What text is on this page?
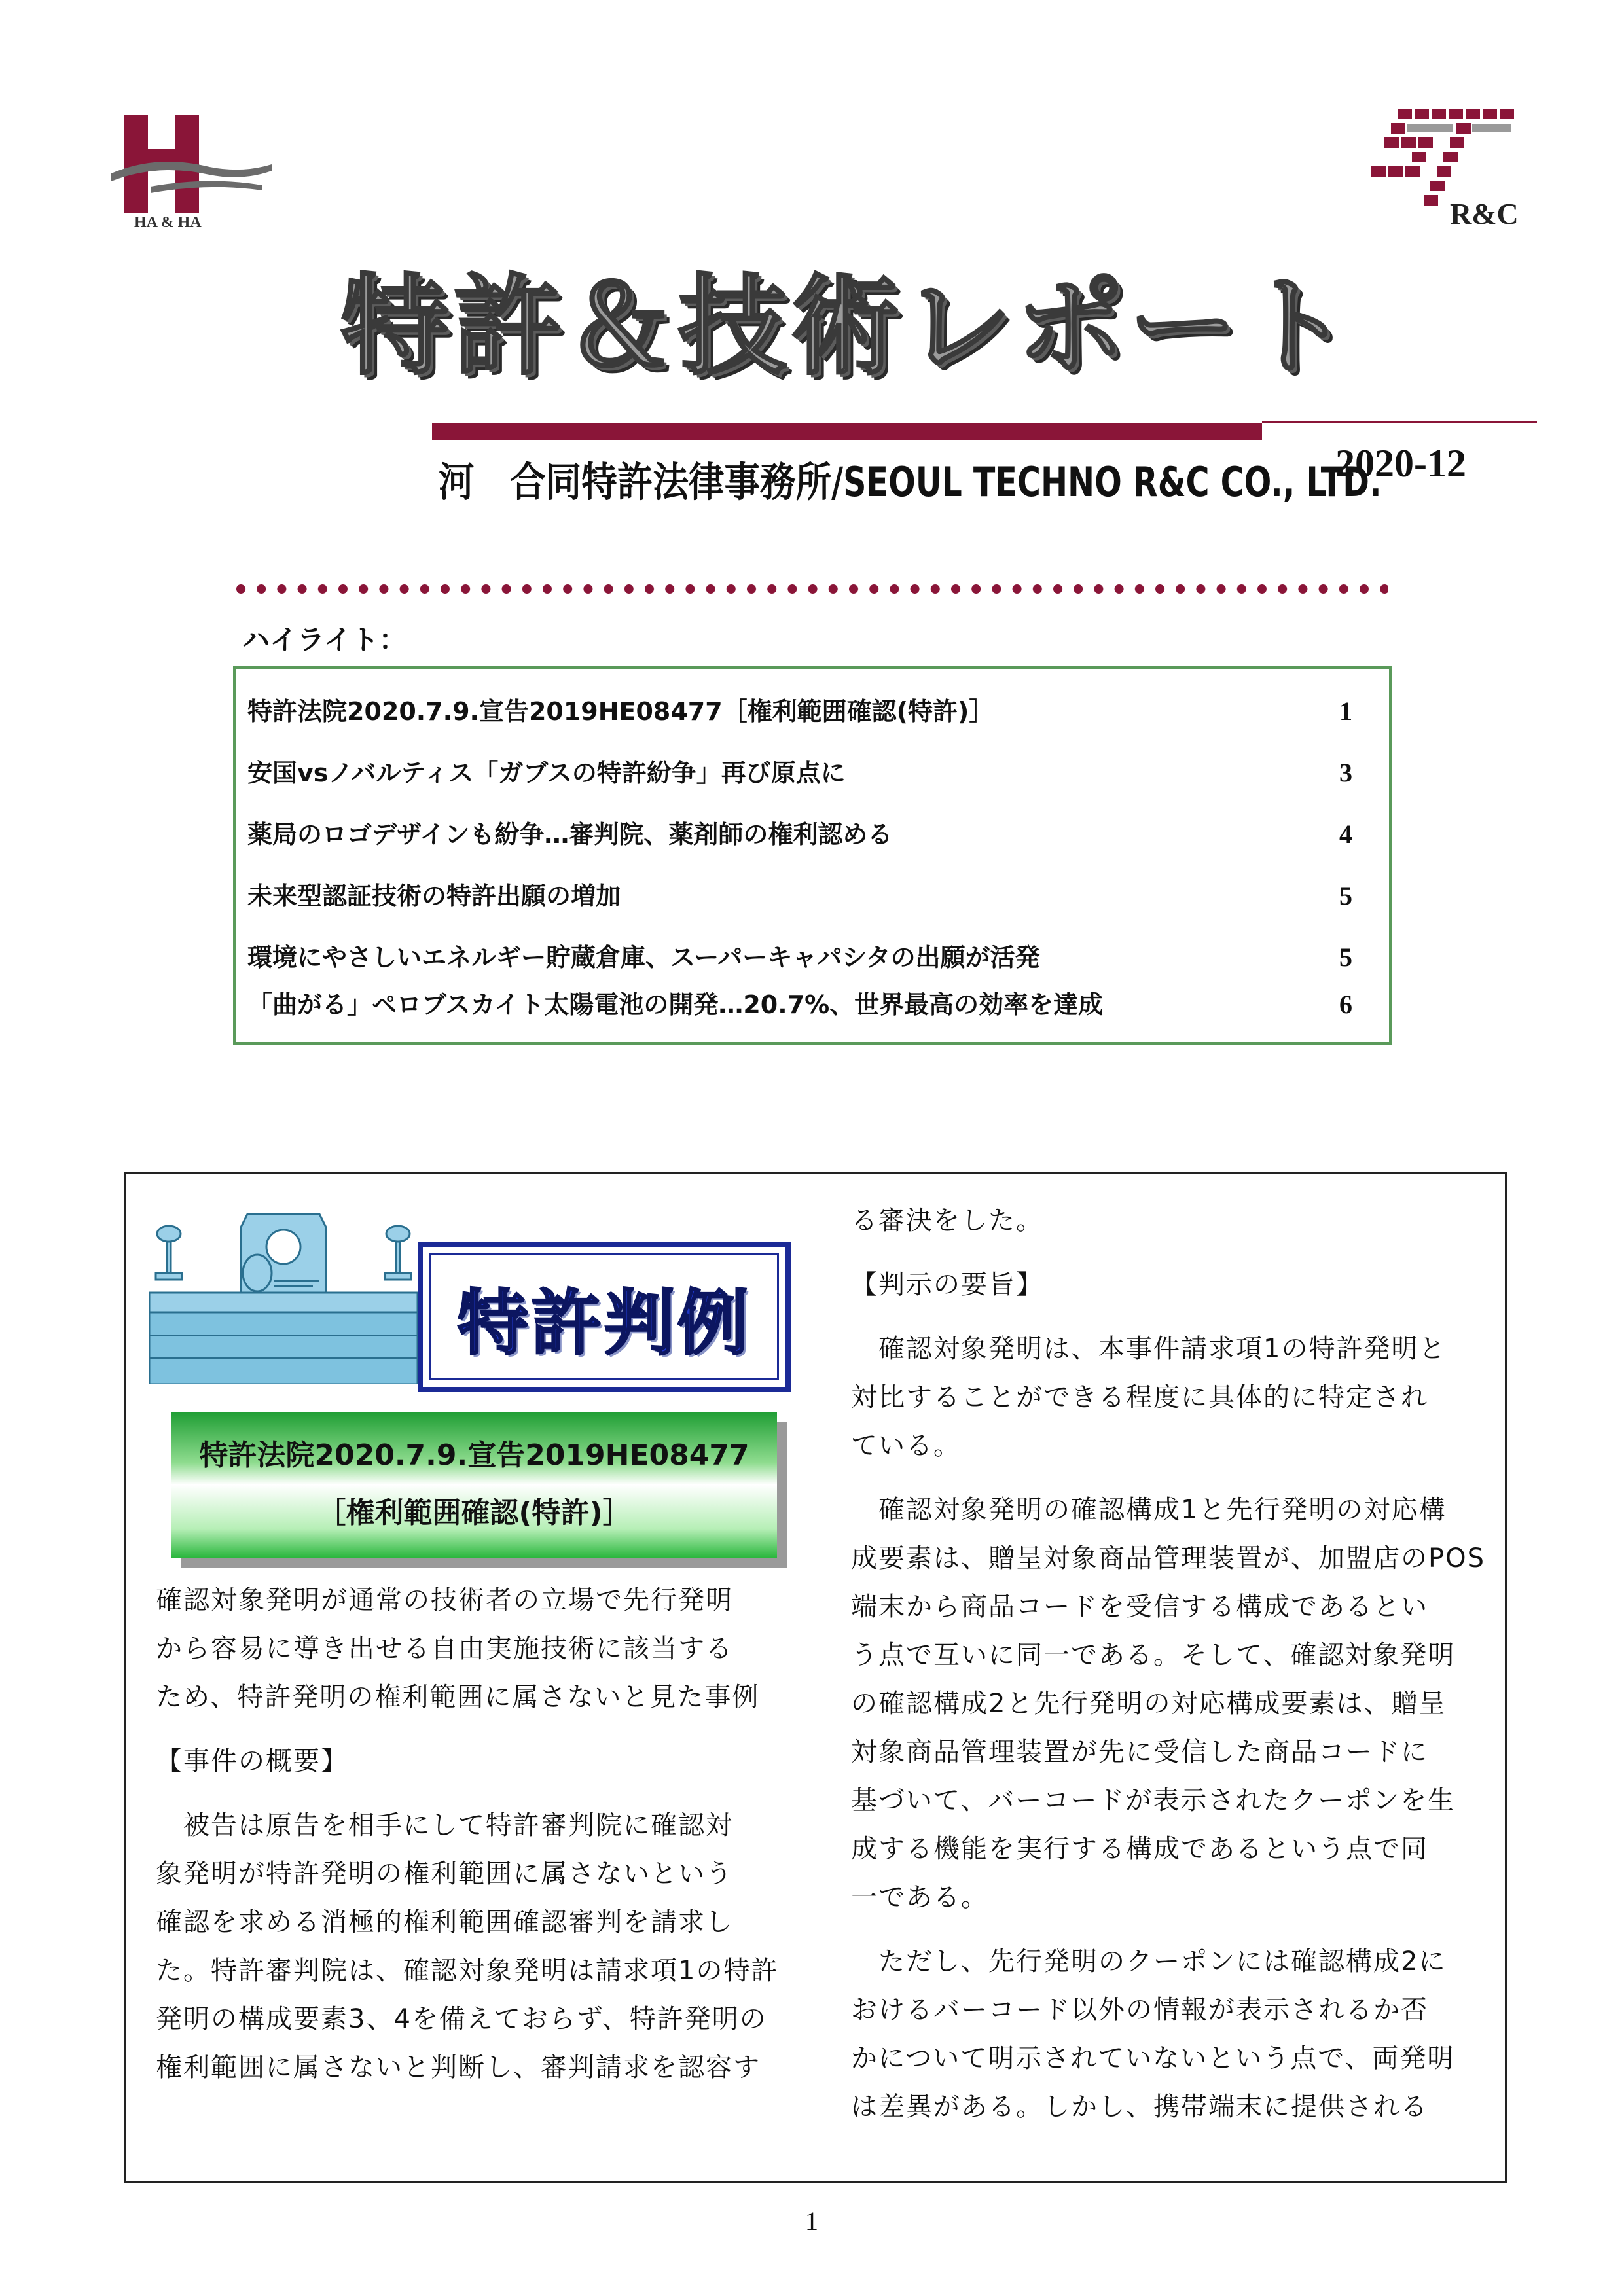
HA & HA	R&C
特許＆技術レポート
河　合同特許法律事務所/SEOUL TECHNO R&C CO., LTD.
2020-12
ハイライト：
特許法院2020.7.9.宣告2019HE08477［権利範囲確認(特許)］	1
安国vsノバルティス「ガブスの特許紛争」再び原点に	3
薬局のロゴデザインも紛争…審判院、薬剤師の権利認める	4
未来型認証技術の特許出願の増加	5
環境にやさしいエネルギー貯蔵倉庫、スーパーキャパシタの出願が活発	5
「曲がる」ペロブスカイト太陽電池の開発…20.7%、世界最高の効率を達成	6
特許判例
特許法院2020.7.9.宣告2019HE08477
［権利範囲確認(特許)］

確認対象発明が通常の技術者の立場で先行発明

から容易に導き出せる自由実施技術に該当する

ため、特許発明の権利範囲に属さないと見た事例

【事件の概要】

　被告は原告を相手にして特許審判院に確認対

象発明が特許発明の権利範囲に属さないという

確認を求める消極的権利範囲確認審判を請求し

た。特許審判院は、確認対象発明は請求項1の特許

発明の構成要素3、4を備えておらず、特許発明の

権利範囲に属さないと判断し、審判請求を認容す

る審決をした。

【判示の要旨】

　確認対象発明は、本事件請求項1の特許発明と

対比することができる程度に具体的に特定され

ている。

　確認対象発明の確認構成1と先行発明の対応構

成要素は、贈呈対象商品管理装置が、加盟店のPOS

端末から商品コードを受信する構成であるとい

う点で互いに同一である。そして、確認対象発明

の確認構成2と先行発明の対応構成要素は、贈呈

対象商品管理装置が先に受信した商品コードに

基づいて、バーコードが表示されたクーポンを生

成する機能を実行する構成であるという点で同

一である。

　ただし、先行発明のクーポンには確認構成2に

おけるバーコード以外の情報が表示されるか否

かについて明示されていないという点で、両発明

は差異がある。しかし、携帯端末に提供される

1
